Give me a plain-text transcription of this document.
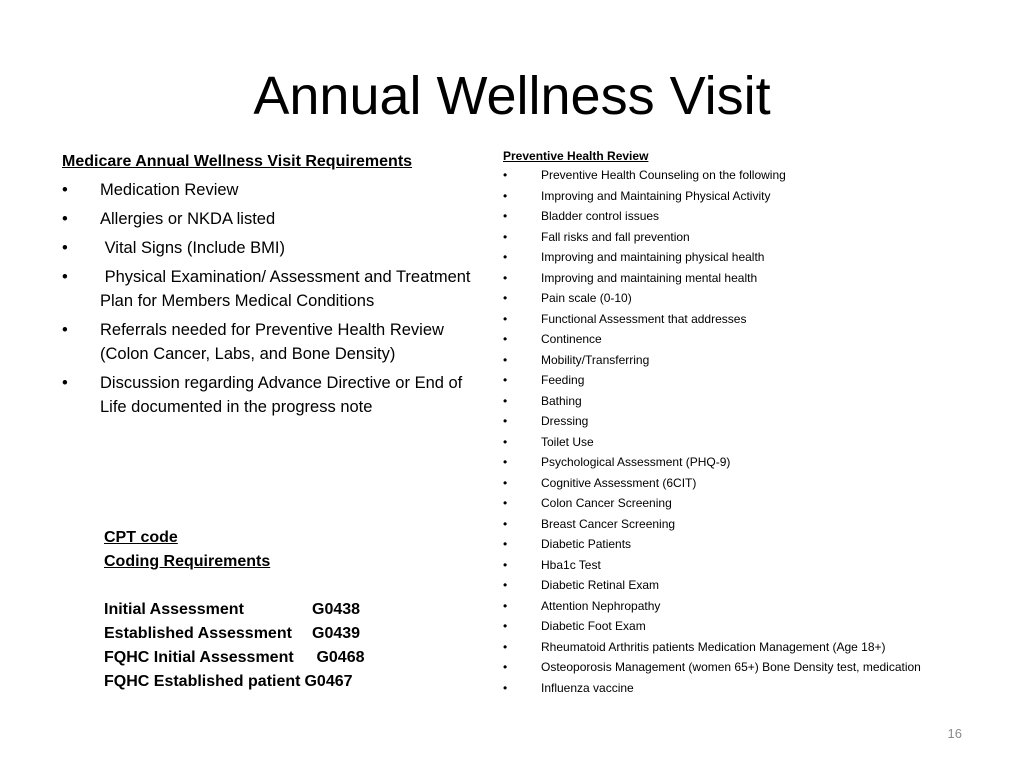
Annual Wellness Visit
Medicare Annual Wellness Visit Requirements
• Medication Review
• Allergies or NKDA listed
• Vital Signs (Include BMI)
• Physical Examination/ Assessment and Treatment Plan for Members Medical Conditions
• Referrals needed for Preventive Health Review (Colon Cancer, Labs, and Bone Density)
• Discussion regarding Advance Directive or End of Life documented in the progress note
CPT code
Coding Requirements
Initial Assessment	G0438
Established Assessment	G0439
FQHC Initial Assessment	G0468
FQHC Established patient G0467
Preventive Health Review
•	Preventive Health Counseling on the following
•	Improving and Maintaining Physical Activity
•	Bladder control issues
•	Fall risks and fall prevention
•	Improving and maintaining physical health
•	Improving and maintaining mental health
•	Pain scale (0-10)
•	Functional Assessment that addresses
•	Continence
•	Mobility/Transferring
•	Feeding
•	Bathing
•	Dressing
•	Toilet Use
•	Psychological Assessment (PHQ-9)
•	Cognitive Assessment (6CIT)
•	Colon Cancer Screening
•	Breast Cancer Screening
•	Diabetic Patients
•	Hba1c Test
•	Diabetic Retinal Exam
•	Attention Nephropathy
•	Diabetic Foot Exam
•	Rheumatoid Arthritis patients Medication Management (Age 18+)
•	Osteoporosis Management (women 65+) Bone Density test, medication
•	Influenza vaccine
16
